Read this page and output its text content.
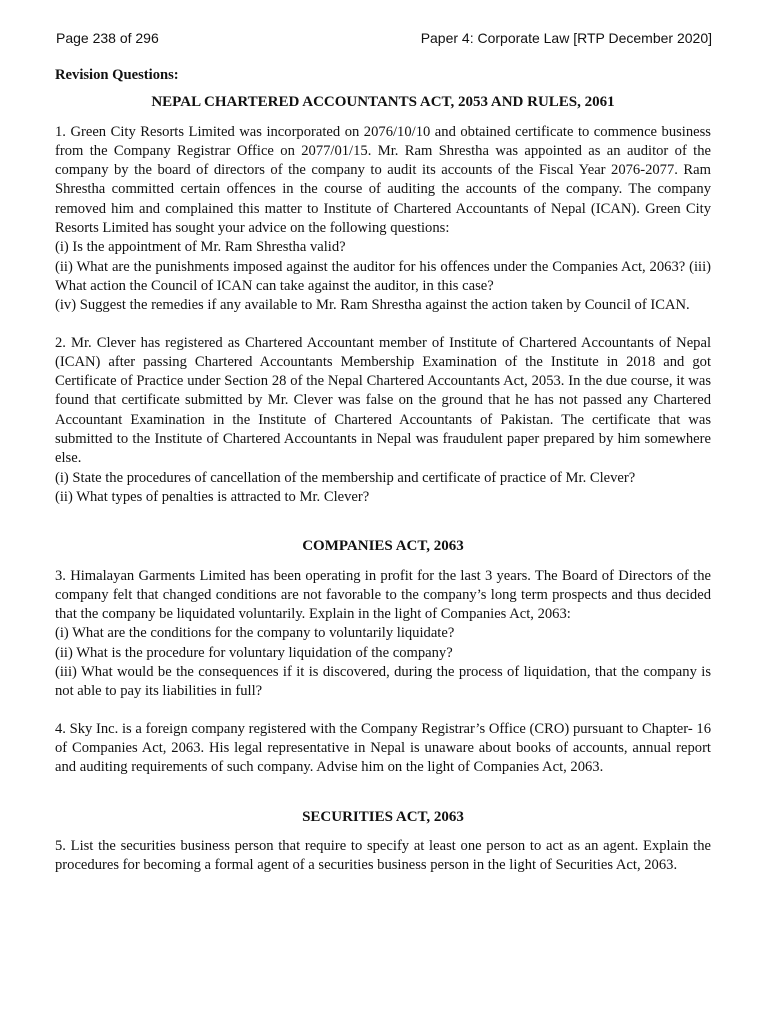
Page 238 of 296	Paper 4: Corporate Law [RTP December 2020]

Revision Questions:

NEPAL CHARTERED ACCOUNTANTS ACT, 2053 AND RULES, 2061

1. Green City Resorts Limited was incorporated on 2076/10/10 and obtained certificate to commence business from the Company Registrar Office on 2077/01/15. Mr. Ram Shrestha was appointed as an auditor of the company by the board of directors of the company to audit its accounts of the Fiscal Year 2076-2077. Ram Shrestha committed certain offences in the course of auditing the accounts of the company. The company removed him and complained this matter to Institute of Chartered Accountants of Nepal (ICAN). Green City Resorts Limited has sought your advice on the following questions:

(i) Is the appointment of Mr. Ram Shrestha valid?

(ii) What are the punishments imposed against the auditor for his offences under the Companies Act, 2063? (iii) What action the Council of ICAN can take against the auditor, in this case?

(iv) Suggest the remedies if any available to Mr. Ram Shrestha against the action taken by Council of ICAN.

2. Mr. Clever has registered as Chartered Accountant member of Institute of Chartered Accountants of Nepal (ICAN) after passing Chartered Accountants Membership Examination of the Institute in 2018 and got Certificate of Practice under Section 28 of the Nepal Chartered Accountants Act, 2053. In the due course, it was found that certificate submitted by Mr. Clever was false on the ground that he has not passed any Chartered Accountant Examination in the Institute of Chartered Accountants of Pakistan. The certificate that was submitted to the Institute of Chartered Accountants in Nepal was fraudulent paper prepared by him somewhere else.

(i) State the procedures of cancellation of the membership and certificate of practice of Mr. Clever?

(ii) What types of penalties is attracted to Mr. Clever?

COMPANIES ACT, 2063

3. Himalayan Garments Limited has been operating in profit for the last 3 years. The Board of Directors of the company felt that changed conditions are not favorable to the company’s long term prospects and thus decided that the company be liquidated voluntarily. Explain in the light of Companies Act, 2063:

(i) What are the conditions for the company to voluntarily liquidate?

(ii) What is the procedure for voluntary liquidation of the company?

(iii) What would be the consequences if it is discovered, during the process of liquidation, that the company is not able to pay its liabilities in full?

4. Sky Inc. is a foreign company registered with the Company Registrar’s Office (CRO) pursuant to Chapter- 16 of Companies Act, 2063. His legal representative in Nepal is unaware about books of accounts, annual report and auditing requirements of such company. Advise him on the light of Companies Act, 2063.

SECURITIES ACT, 2063

5. List the securities business person that require to specify at least one person to act as an agent. Explain the procedures for becoming a formal agent of a securities business person in the light of Securities Act, 2063.
